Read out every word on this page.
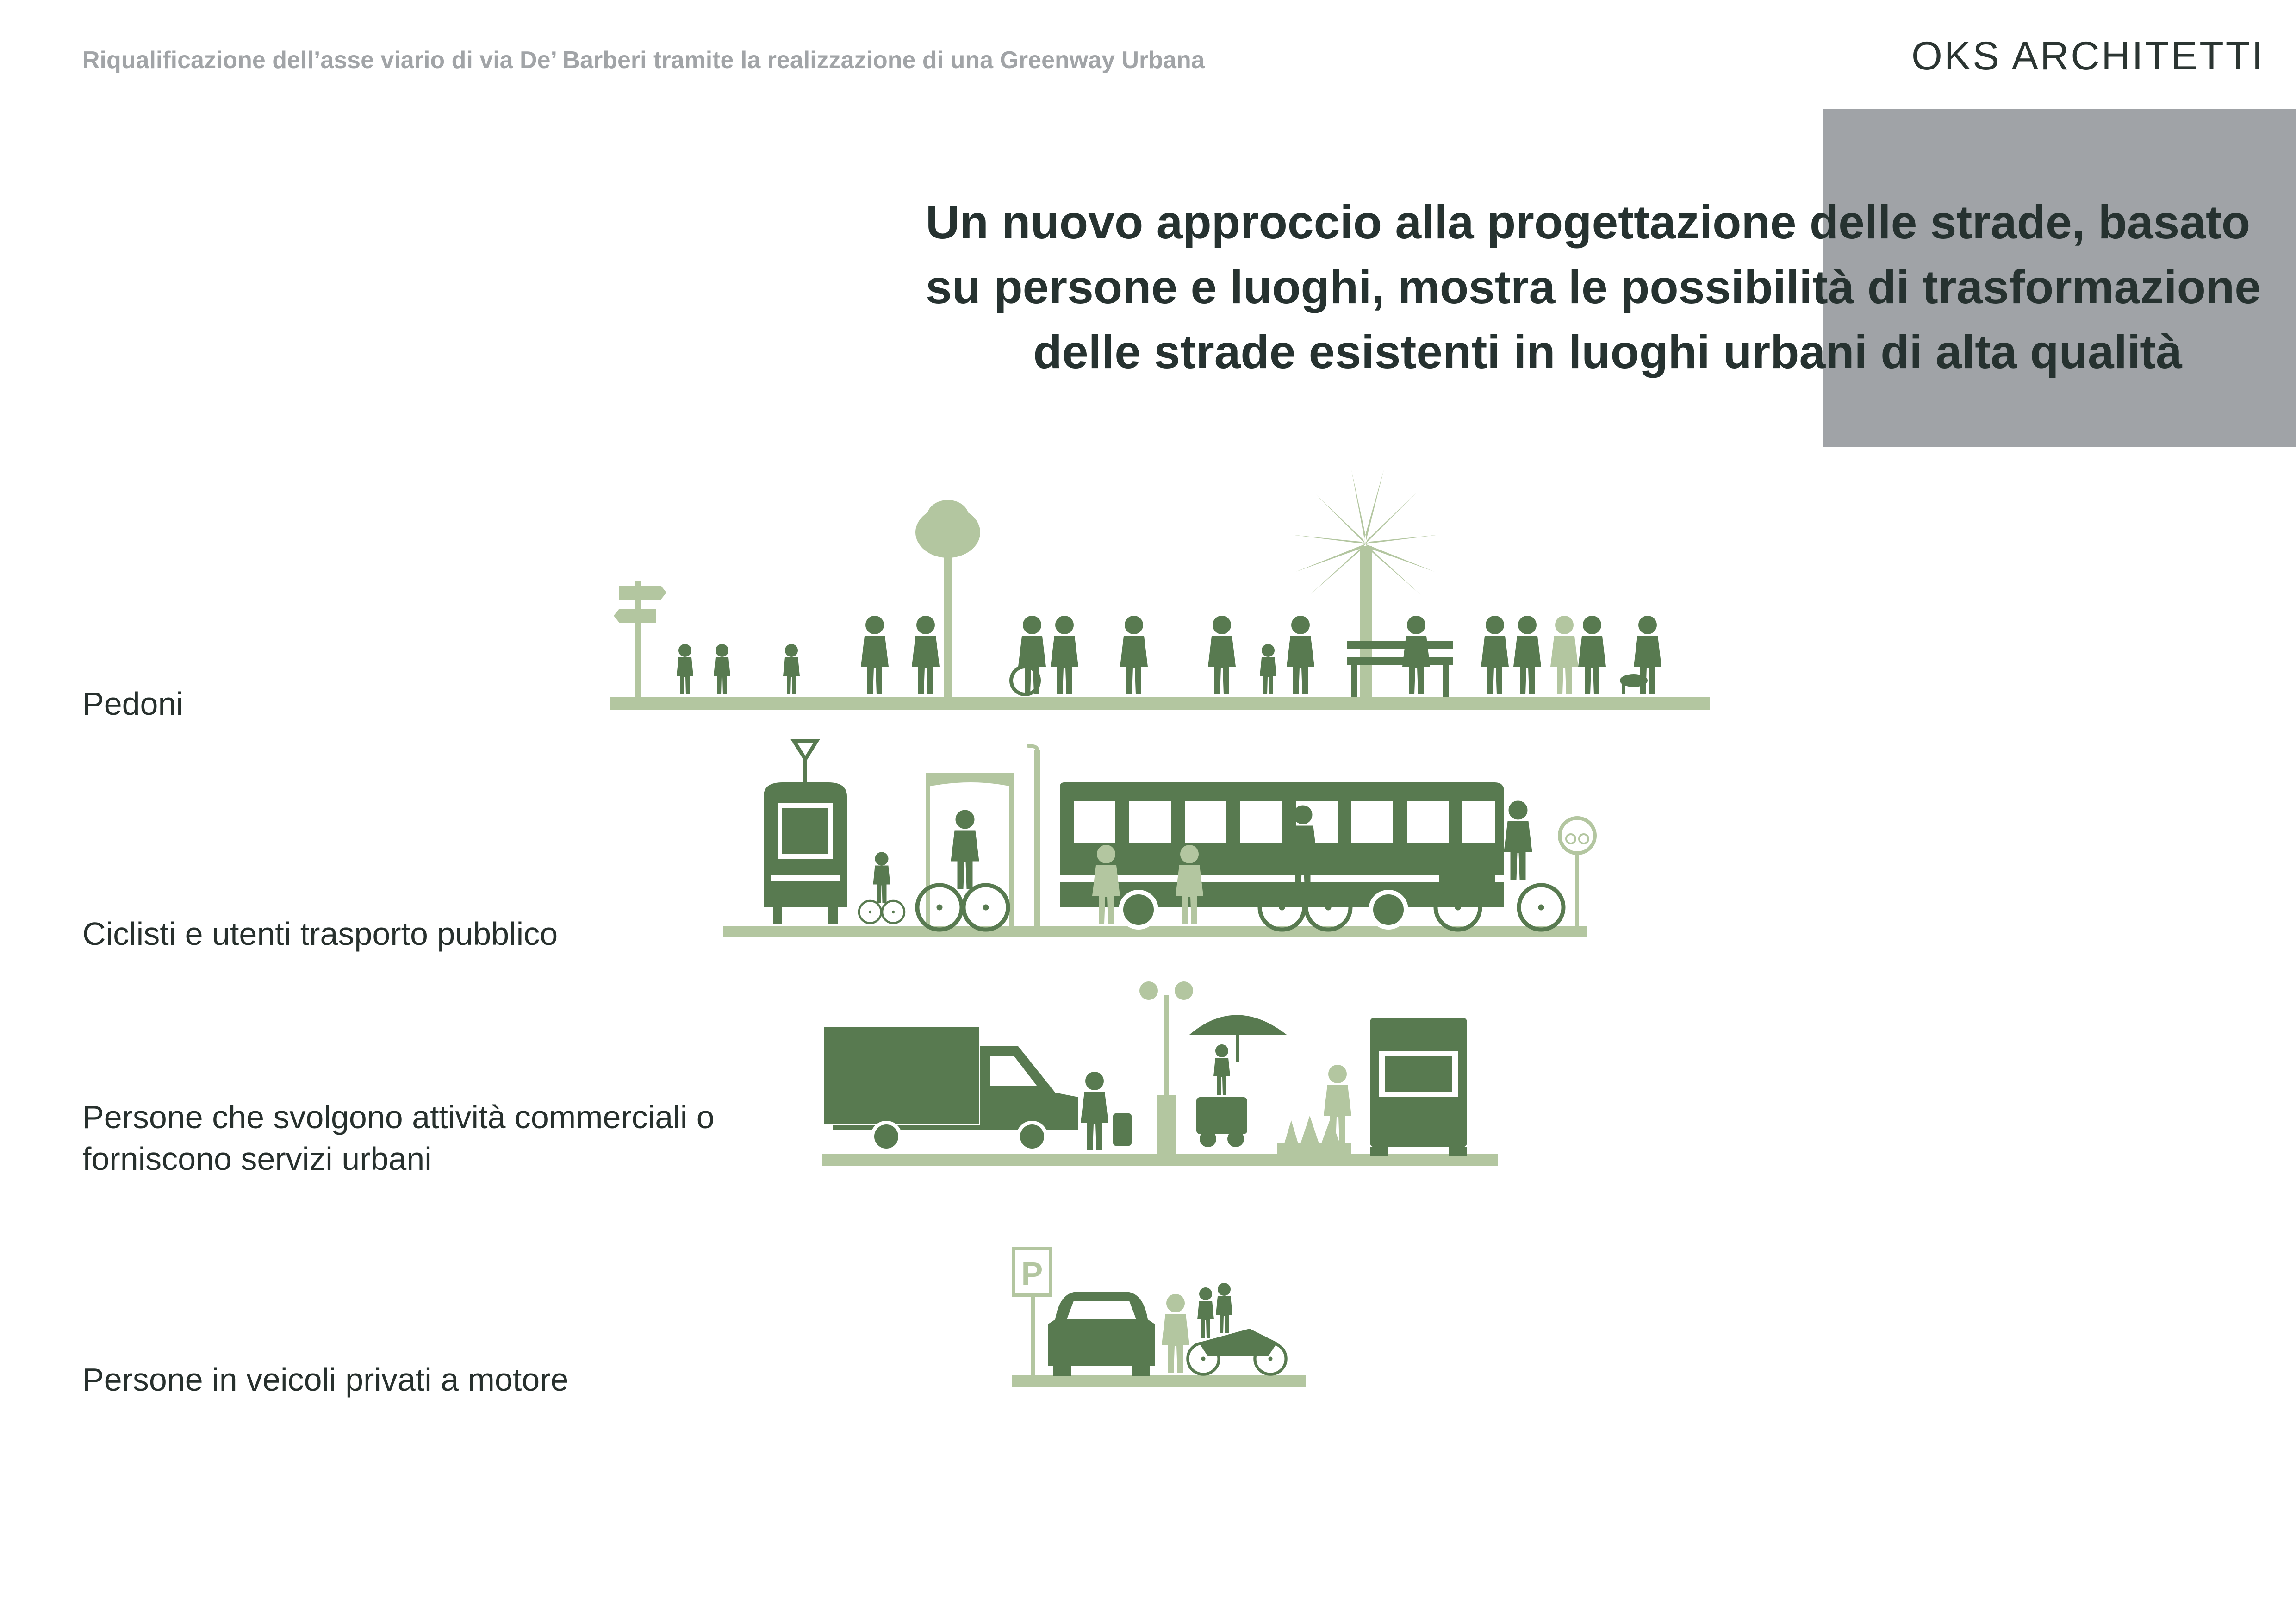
Riqualificazione dell’asse viario di via De’ Barberi tramite la realizzazione di una Greenway Urbana	OKS ARCHITETTI
Un nuovo approccio alla progettazione delle strade, basato
su persone e luoghi, mostra le possibilità di trasformazione
delle strade esistenti in luoghi urbani di alta qualità
Pedoni
Ciclisti e utenti trasporto pubblico
Persone che svolgono attività commerciali o
forniscono servizi urbani
Persone in veicoli privati a motore
P
